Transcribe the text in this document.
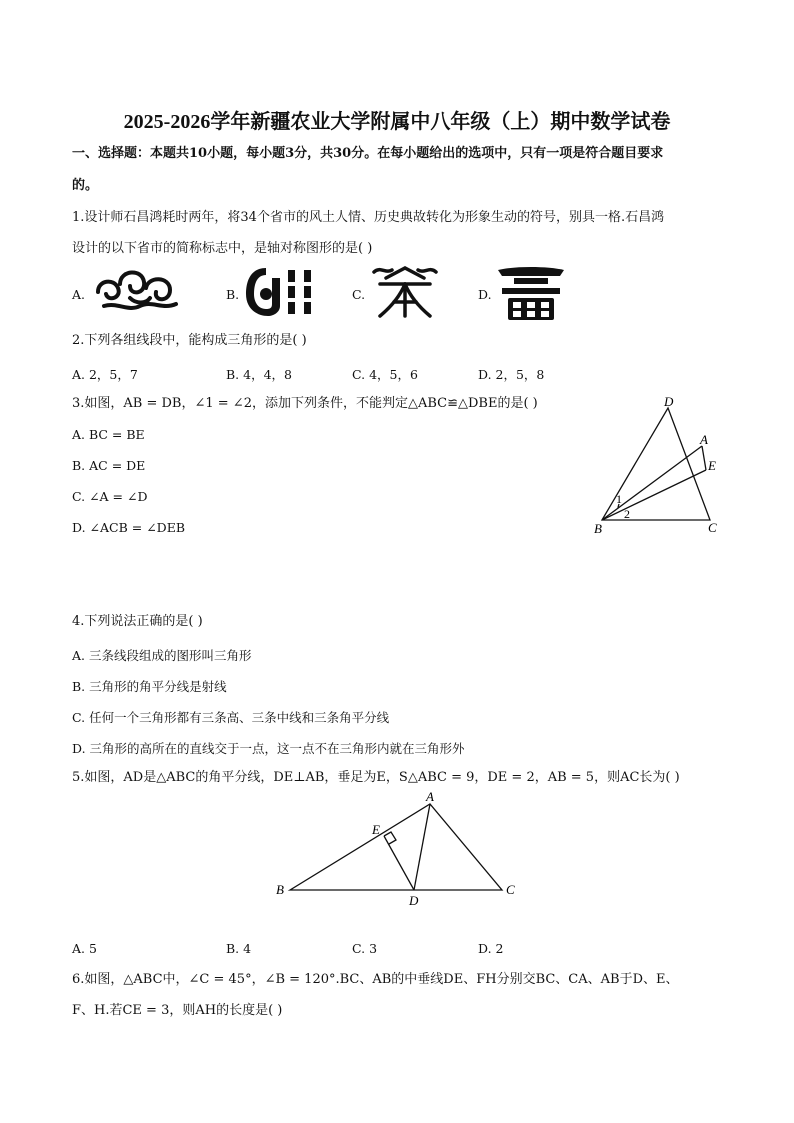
2025-2026学年新疆农业大学附属中八年级（上）期中数学试卷
一、选择题：本题共10小题，每小题3分，共30分。在每小题给出的选项中，只有一项是符合题目要求
的。
1.设计师石昌鸿耗时两年，将34个省市的风土人情、历史典故转化为形象生动的符号，别具一格.石昌鸿
设计的以下省市的简称标志中，是轴对称图形的是( )
A.	B.	C.	D.
2.下列各组线段中，能构成三角形的是( )
A. 2，5，7	B. 4，4，8	C. 4，5，6	D. 2，5，8
3.如图，AB = DB，∠1 = ∠2，添加下列条件，不能判定△ABC≌△DBE的是( )
A. BC = BE
B. AC = DE
C. ∠A = ∠D
D. ∠ACB = ∠DEB
D
A
E
B	C
1
2
4.下列说法正确的是( )
A. 三条线段组成的图形叫三角形
B. 三角形的角平分线是射线
C. 任何一个三角形都有三条高、三条中线和三条角平分线
D. 三角形的高所在的直线交于一点，这一点不在三角形内就在三角形外
5.如图，AD是△ABC的角平分线，DE⊥AB，垂足为E，S△ABC = 9，DE = 2，AB = 5，则AC长为( )
A
E
B
D
C
A. 5	B. 4	C. 3	D. 2
6.如图，△ABC中，∠C = 45°，∠B = 120°.BC、AB的中垂线DE、FH分别交BC、CA、AB于D、E、
F、H.若CE = 3，则AH的长度是( )
